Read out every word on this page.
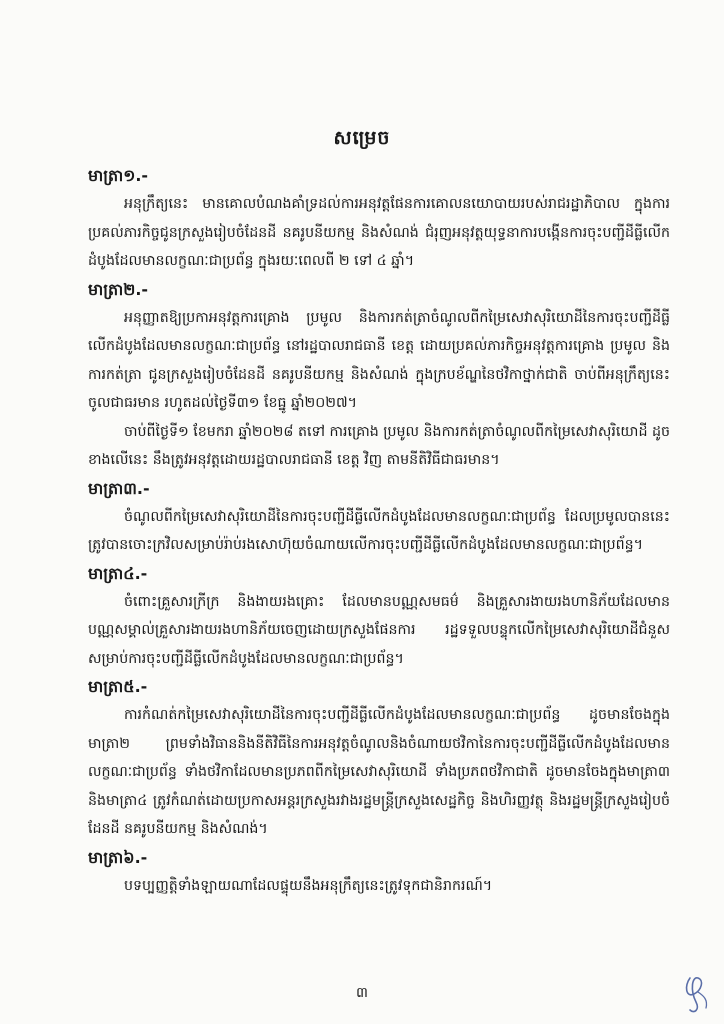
សម្រេច
មាត្រា១.-

អនុក្រឹត្យនេះ មានគោលបំណងគាំទ្រដល់ការអនុវត្តផែនការគោលនយោបាយរបស់រាជរដ្ឋាភិបាល ក្នុងការប្រគល់ភារកិច្ចជូនក្រសួងរៀបចំដែនដី នគរូបនីយកម្ម និងសំណង់ ជំរុញអនុវត្តយុទ្ធនាការបង្កើនការចុះបញ្ជីដីធ្លីលើកដំបូងដែលមានលក្ខណៈជាប្រព័ន្ធ ក្នុងរយៈពេលពី ២ ទៅ ៤ ឆ្នាំ។

មាត្រា២.-

អនុញ្ញាតឱ្យប្រកាអនុវត្តការគ្រោង ប្រមូល និងការកត់ត្រាចំណូលពីកម្រៃសេវាសុរិយោដីនៃការចុះបញ្ជីដីធ្លីលើកដំបូងដែលមានលក្ខណៈជាប្រព័ន្ធ នៅរដ្ឋបាលរាជធានី ខេត្ត ដោយប្រគល់ភារកិច្ចអនុវត្តការគ្រោង ប្រមូល និងការកត់ត្រា ជូនក្រសួងរៀបចំដែនដី នគរូបនីយកម្ម និងសំណង់ ក្នុងក្របខ័ណ្ឌនៃថវិកាថ្នាក់ជាតិ ចាប់ពីអនុក្រឹត្យនេះចូលជាធរមាន រហូតដល់ថ្ងៃទី៣១ ខែធ្នូ ឆ្នាំ២០២៧។

ចាប់ពីថ្ងៃទី១ ខែមករា ឆ្នាំ២០២៨ តទៅ ការគ្រោង ប្រមូល និងការកត់ត្រាចំណូលពីកម្រៃសេវាសុរិយោដី ដូចខាងលើនេះ នឹងត្រូវអនុវត្តដោយរដ្ឋបាលរាជធានី ខេត្ត វិញ តាមនីតិវិធីជាធរមាន។

មាត្រា៣.-

ចំណូលពីកម្រៃសេវាសុរិយោដីនៃការចុះបញ្ជីដីធ្លីលើកដំបូងដែលមានលក្ខណៈជាប្រព័ន្ធ ដែលប្រមូលបាននេះ ត្រូវបានចោះក្រវិលសម្រាប់រ៉ាប់រងសោហ៊ុយចំណាយលើការចុះបញ្ជីដីធ្លីលើកដំបូងដែលមានលក្ខណៈជាប្រព័ន្ធ។

មាត្រា៤.-

ចំពោះគ្រួសារក្រីក្រ និងងាយរងគ្រោះ ដែលមានបណ្ណសមធម៌ និងគ្រួសារងាយរងហានិភ័យដែលមានបណ្ណសម្គាល់គ្រួសារងាយរងហានិភ័យចេញដោយក្រសួងផែនការ រដ្ឋទទួលបន្ទុកលើកម្រៃសេវាសុរិយោដីជំនួស សម្រាប់ការចុះបញ្ជីដីធ្លីលើកដំបូងដែលមានលក្ខណៈជាប្រព័ន្ធ។

មាត្រា៥.-

ការកំណត់កម្រៃសេវាសុរិយោដីនៃការចុះបញ្ជីដីធ្លីលើកដំបូងដែលមានលក្ខណៈជាប្រព័ន្ធ ដូចមានចែងក្នុងមាត្រា២ ព្រមទាំងវិធាននិងនីតិវិធីនៃការអនុវត្តចំណូលនិងចំណាយថវិកានៃការចុះបញ្ជីដីធ្លីលើកដំបូងដែលមានលក្ខណៈជាប្រព័ន្ធ ទាំងថវិកាដែលមានប្រភពពីកម្រៃសេវាសុរិយោដី ទាំងប្រភពថវិកាជាតិ ដូចមានចែងក្នុងមាត្រា៣ និងមាត្រា៤ ត្រូវកំណត់ដោយប្រកាសអន្តរក្រសួងរវាងរដ្ឋមន្ត្រីក្រសួងសេដ្ឋកិច្ច និងហិរញ្ញវត្ថុ និងរដ្ឋមន្ត្រីក្រសួងរៀបចំដែនដី នគរូបនីយកម្ម និងសំណង់។

មាត្រា៦.-

បទប្បញ្ញត្តិទាំងឡាយណាដែលផ្ទុយនឹងអនុក្រឹត្យនេះត្រូវទុកជានិរាករណ៍។

៣
